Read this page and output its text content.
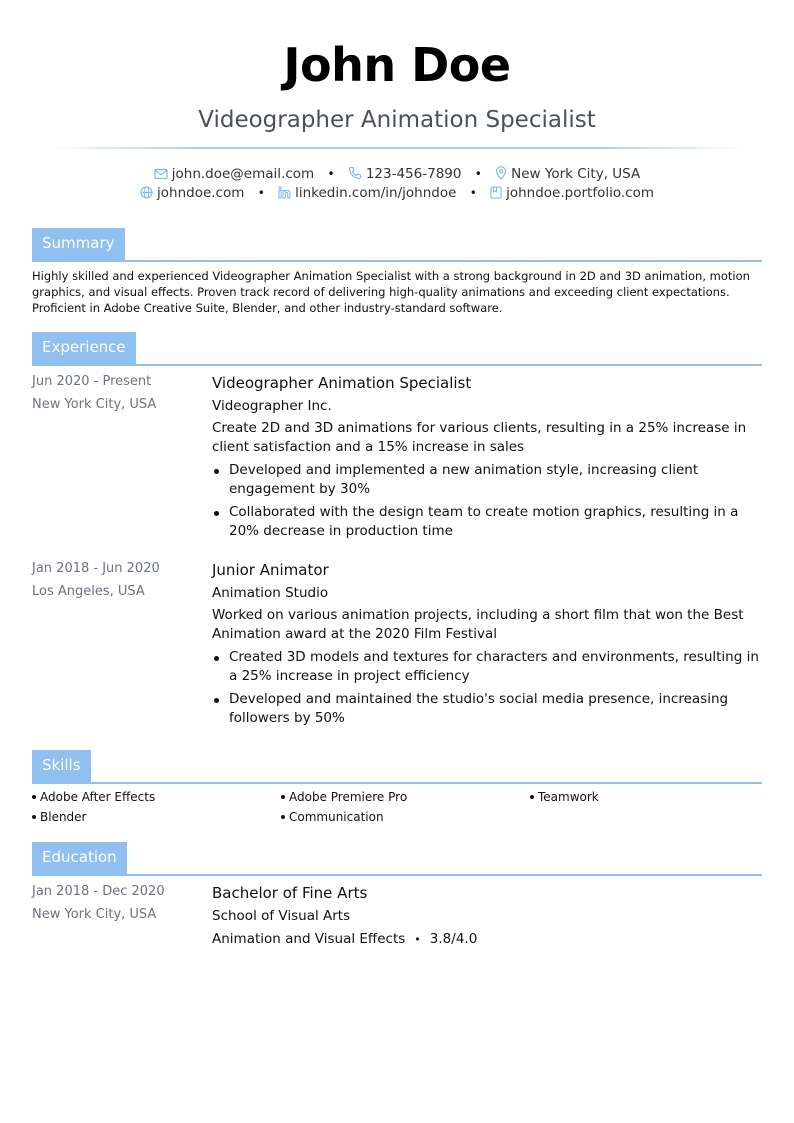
John Doe
Videographer Animation Specialist
john.doe@email.com • 123-456-7890 • New York City, USA
johndoe.com • linkedin.com/in/johndoe • johndoe.portfolio.com
Summary
Highly skilled and experienced Videographer Animation Specialist with a strong background in 2D and 3D animation, motion graphics, and visual effects. Proven track record of delivering high-quality animations and exceeding client expectations. Proficient in Adobe Creative Suite, Blender, and other industry-standard software.
Experience
Jun 2020 - Present
New York City, USA
Videographer Animation Specialist
Videographer Inc.
Create 2D and 3D animations for various clients, resulting in a 25% increase in client satisfaction and a 15% increase in sales
Developed and implemented a new animation style, increasing client engagement by 30%
Collaborated with the design team to create motion graphics, resulting in a 20% decrease in production time
Jan 2018 - Jun 2020
Los Angeles, USA
Junior Animator
Animation Studio
Worked on various animation projects, including a short film that won the Best Animation award at the 2020 Film Festival
Created 3D models and textures for characters and environments, resulting in a 25% increase in project efficiency
Developed and maintained the studio's social media presence, increasing followers by 50%
Skills
Adobe After Effects	Adobe Premiere Pro	Teamwork
Blender	Communication
Education
Jan 2018 - Dec 2020
New York City, USA
Bachelor of Fine Arts
School of Visual Arts
Animation and Visual Effects • 3.8/4.0
